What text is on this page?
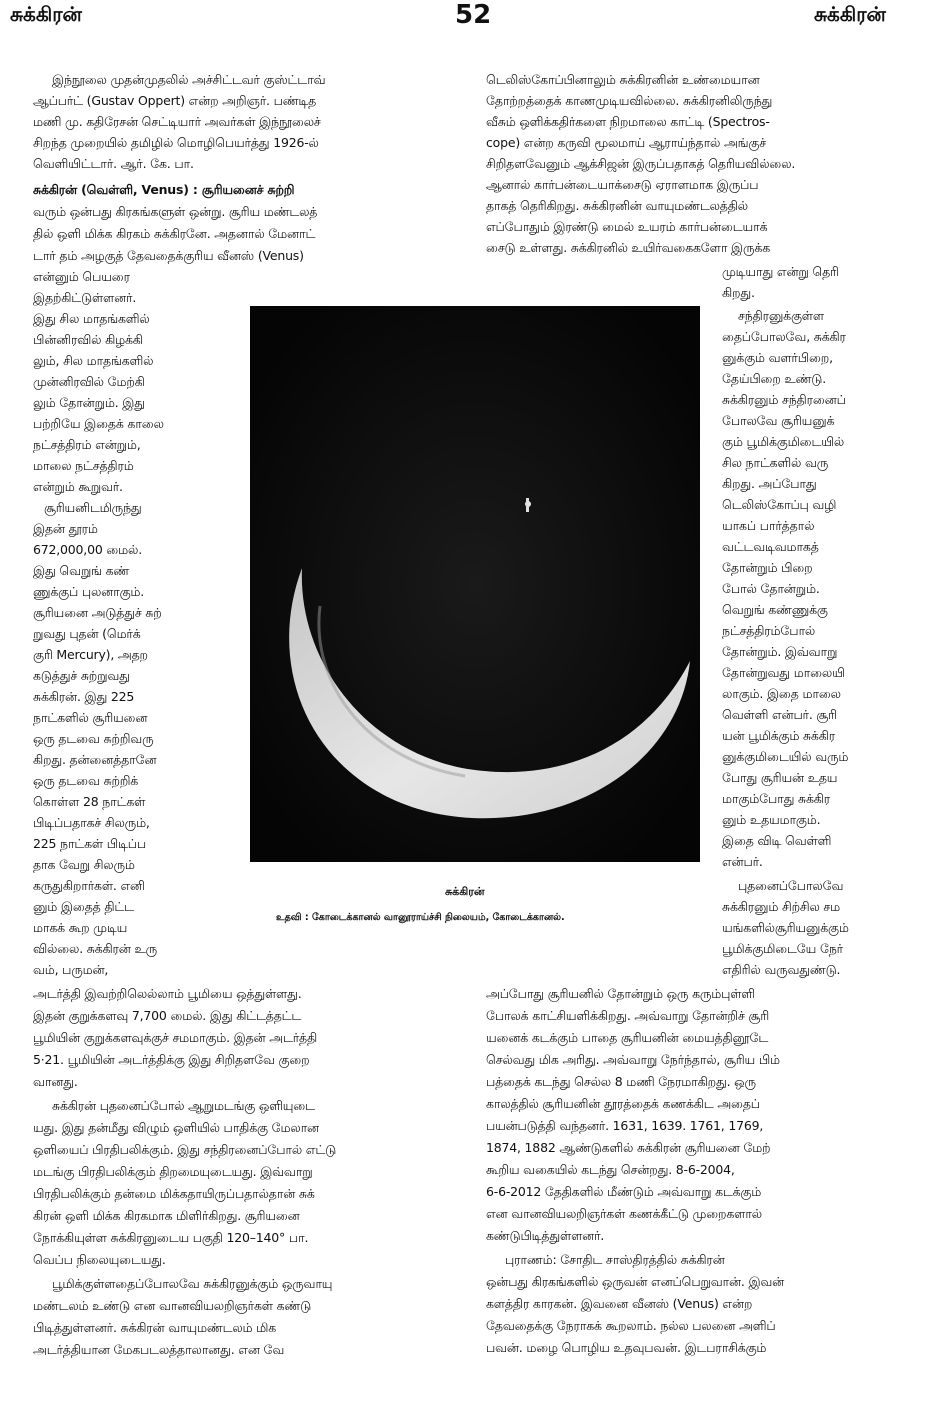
சுக்கிரன்	52	சுக்கிரன்
சுக்கிரன்
உதவி : கோடைக்கானல் வானூராய்ச்சி நிலையம், கோடைக்கானல்.
இந்நூலை முதன்முதலில் அச்சிட்டவர் குஸ்ட்டாவ்
ஆப்பர்ட் (Gustav Oppert) என்ற அறிஞர். பண்டித
மணி மு. கதிரேசன் செட்டியார் அவர்கள் இந்நூலைச்
சிறந்த முறையில் தமிழில் மொழிபெயர்த்து 1926-ல்
வெளியிட்டார். ஆர். கே. பா.
சுக்கிரன் (வெள்ளி, Venus) : சூரியனைச் சுற்றி
வரும் ஒன்பது கிரகங்களுள் ஒன்று. சூரிய மண்டலத்
தில் ஒளி மிக்க கிரகம் சுக்கிரனே. அதனால் மேனாட்
டார் தம் அழகுத் தேவதைக்குரிய வீனஸ் (Venus)
என்னும் பெயரை
இதற்கிட்டுள்ளனர்.
இது சில மாதங்களில்
பின்னிரவில் கிழக்கி
லும், சில மாதங்களில்
முன்னிரவில் மேற்கி
லும் தோன்றும். இது
பற்றியே இதைக் காலை
நட்சத்திரம் என்றும்,
மாலை நட்சத்திரம்
என்றும் கூறுவர்.
சூரியனிடமிருந்து
இதன் தூரம்
672,000,00 மைல்.
இது வெறுங் கண்
ணுக்குப் புலனாகும்.
சூரியனை அடுத்துச் சுற்
றுவது புதன் (மெர்க்
குரி Mercury), அதற
கடுத்துச் சுற்றுவது
சுக்கிரன். இது 225
நாட்களில் சூரியனை
ஒரு தடவை சுற்றிவரு
கிறது. தன்னைத்தானே
ஒரு தடவை சுற்றிக்
கொள்ள 28 நாட்கள்
பிடிப்பதாகச் சிலரும்,
225 நாட்கள் பிடிப்ப
தாக வேறு சிலரும்
கருதுகிறார்கள். எனி
னும் இதைத் திட்ட
மாகக் கூற முடிய
வில்லை. சுக்கிரன் உரு
வம், பருமன்,
அடர்த்தி இவற்றிலெல்லாம் பூமியை ஒத்துள்ளது.
இதன் குறுக்களவு 7,700 மைல். இது கிட்டத்தட்ட
பூமியின் குறுக்களவுக்குச் சமமாகும். இதன் அடர்த்தி
5·21. பூமியின் அடர்த்திக்கு இது சிறிதளவே குறை
வானது.
சுக்கிரன் புதனைப்போல் ஆறுமடங்கு ஒளியுடை
யது. இது தன்மீது விழும் ஒளியில் பாதிக்கு மேலான
ஒளியைப் பிரதிபலிக்கும். இது சந்திரனைப்போல் எட்டு
மடங்கு பிரதிபலிக்கும் திறமையுடையது. இவ்வாறு
பிரதிபலிக்கும் தன்மை மிக்கதாயிருப்பதால்தான் சுக்
கிரன் ஒளி மிக்க கிரகமாக மிளிர்கிறது. சூரியனை
நோக்கியுள்ள சுக்கிரனுடைய பகுதி 120–140° பா.
வெப்ப நிலையுடையது.
பூமிக்குள்ளதைப்போலவே சுக்கிரனுக்கும் ஒருவாயு
மண்டலம் உண்டு என வானவியலறிஞர்கள் கண்டு
பிடித்துள்ளனர். சுக்கிரன் வாயுமண்டலம் மிக
அடர்த்தியான மேகபடலத்தாலானது. என வே
டெலிஸ்கோப்பினாலும் சுக்கிரனின் உண்மையான
தோற்றத்தைக் காணமுடியவில்லை. சுக்கிரனிலிருந்து
வீசும் ஒளிக்கதிர்களை நிறமாலை காட்டி (Spectros-
cope) என்ற கருவி மூலமாய் ஆராய்ந்தால் அங்குச்
சிறிதளவேனும் ஆக்சிஜன் இருப்பதாகத் தெரியவில்லை.
ஆனால் கார்பன்டையாக்சைடு ஏராளமாக இருப்ப
தாகத் தெரிகிறது. சுக்கிரனின் வாயுமண்டலத்தில்
எப்போதும் இரண்டு மைல் உயரம் கார்பன்டையாக்
சைடு உள்ளது. சுக்கிரனில் உயிர்வகைகளோ இருக்க
முடியாது என்று தெரி
கிறது.
சந்திரனுக்குள்ள
தைப்போலவே, சுக்கிர
னுக்கும் வளர்பிறை,
தேய்பிறை உண்டு.
சுக்கிரனும் சந்திரனைப்
போலவே சூரியனுக்
கும் பூமிக்குமிடையில்
சில நாட்களில் வரு
கிறது. அப்போது
டெலிஸ்கோப்பு வழி
யாகப் பார்த்தால்
வட்டவடிவமாகத்
தோன்றும் பிறை
போல் தோன்றும்.
வெறுங் கண்ணுக்கு
நட்சத்திரம்போல்
தோன்றும். இவ்வாறு
தோன்றுவது மாலையி
லாகும். இதை மாலை
வெள்ளி என்பர். சூரி
யன் பூமிக்கும் சுக்கிர
னுக்குமிடையில் வரும்
போது சூரியன் உதய
மாகும்போது சுக்கிர
னும் உதயமாகும்.
இதை விடி வெள்ளி
என்பர்.
புதனைப்போலவே
சுக்கிரனும் சிற்சில சம
யங்களில்சூரியனுக்கும்
பூமிக்குமிடையே நேர்
எதிரில் வருவதுண்டு.
அப்போது சூரியனில் தோன்றும் ஒரு கரும்புள்ளி
போலக் காட்சியளிக்கிறது. அவ்வாறு தோன்றிச் சூரி
யனைக் கடக்கும் பாதை சூரியனின் மையத்தினூடே
செல்வது மிக அரிது. அவ்வாறு நேர்ந்தால், சூரிய பிம்
பத்தைக் கடந்து செல்ல 8 மணி நேரமாகிறது. ஒரு
காலத்தில் சூரியனின் தூரத்தைக் கணக்கிட அதைப்
பயன்படுத்தி வந்தனர். 1631, 1639. 1761, 1769,
1874, 1882 ஆண்டுகளில் சுக்கிரன் சூரியனை மேற்
கூறிய வகையில் கடந்து சென்றது. 8-6-2004,
6-6-2012 தேதிகளில் மீண்டும் அவ்வாறு கடக்கும்
என வானவியலறிஞர்கள் கணக்கீட்டு முறைகளால்
கண்டுபிடித்துள்ளனர்.
புராணம்: சோதிட சாஸ்திரத்தில் சுக்கிரன்
ஒன்பது கிரகங்களில் ஒருவன் எனப்பெறுவான். இவன்
களத்திர காரகன். இவனை வீனஸ் (Venus) என்ற
தேவதைக்கு நேராகக் கூறலாம். நல்ல பலனை அளிப்
பவன். மழை பொழிய உதவுபவன். இடபராசிக்கும்
